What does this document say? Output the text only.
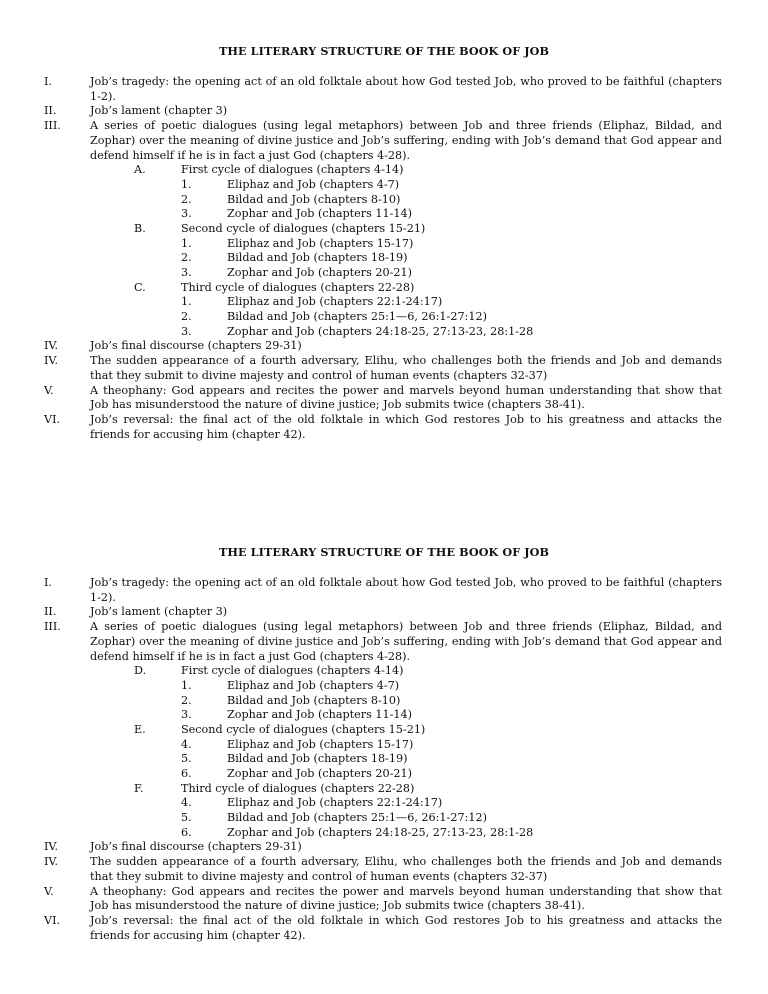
THE LITERARY STRUCTURE OF THE BOOK OF JOB
I.	Job’s tragedy: the opening act of an old folktale about how God tested Job, who proved to be faithful (chapters 1-2).
II.	Job’s lament (chapter 3)
III.	A series of poetic dialogues (using legal metaphors) between Job and three friends (Eliphaz, Bildad, and Zophar) over the meaning of divine justice and Job’s suffering, ending with Job’s demand that God appear and defend himself if he is in fact a just God (chapters 4-28).
A.	First cycle of dialogues (chapters 4-14)
1.	Eliphaz and Job (chapters 4-7)
2.	Bildad and Job (chapters 8-10)
3.	Zophar and Job (chapters 11-14)
B.	Second cycle of dialogues (chapters 15-21)
1.	Eliphaz and Job (chapters 15-17)
2.	Bildad and Job (chapters 18-19)
3.	Zophar and Job (chapters 20-21)
C.	Third cycle of dialogues (chapters 22-28)
1.	Eliphaz and Job (chapters 22:1-24:17)
2.	Bildad and Job (chapters 25:1—6, 26:1-27:12)
3.	Zophar and Job (chapters 24:18-25, 27:13-23, 28:1-28
IV.	Job’s final discourse (chapters 29-31)
IV.	The sudden appearance of a fourth adversary, Elihu, who challenges both the friends and Job and demands that they submit to divine majesty and control of human events (chapters 32-37)
V.	A theophany: God appears and recites the power and marvels beyond human understanding that show that Job has misunderstood the nature of divine justice; Job submits twice (chapters 38-41).
VI.	Job’s reversal: the final act of the old folktale in which God restores Job to his greatness and attacks the friends for accusing him (chapter 42).
THE LITERARY STRUCTURE OF THE BOOK OF JOB
I.	Job’s tragedy: the opening act of an old folktale about how God tested Job, who proved to be faithful (chapters 1-2).
II.	Job’s lament (chapter 3)
III.	A series of poetic dialogues (using legal metaphors) between Job and three friends (Eliphaz, Bildad, and Zophar) over the meaning of divine justice and Job’s suffering, ending with Job’s demand that God appear and defend himself if he is in fact a just God (chapters 4-28).
D.	First cycle of dialogues (chapters 4-14)
1.	Eliphaz and Job (chapters 4-7)
2.	Bildad and Job (chapters 8-10)
3.	Zophar and Job (chapters 11-14)
E.	Second cycle of dialogues (chapters 15-21)
4.	Eliphaz and Job (chapters 15-17)
5.	Bildad and Job (chapters 18-19)
6.	Zophar and Job (chapters 20-21)
F.	Third cycle of dialogues (chapters 22-28)
4.	Eliphaz and Job (chapters 22:1-24:17)
5.	Bildad and Job (chapters 25:1—6, 26:1-27:12)
6.	Zophar and Job (chapters 24:18-25, 27:13-23, 28:1-28
IV.	Job’s final discourse (chapters 29-31)
IV.	The sudden appearance of a fourth adversary, Elihu, who challenges both the friends and Job and demands that they submit to divine majesty and control of human events (chapters 32-37)
V.	A theophany: God appears and recites the power and marvels beyond human understanding that show that Job has misunderstood the nature of divine justice; Job submits twice (chapters 38-41).
VI.	Job’s reversal: the final act of the old folktale in which God restores Job to his greatness and attacks the friends for accusing him (chapter 42).
